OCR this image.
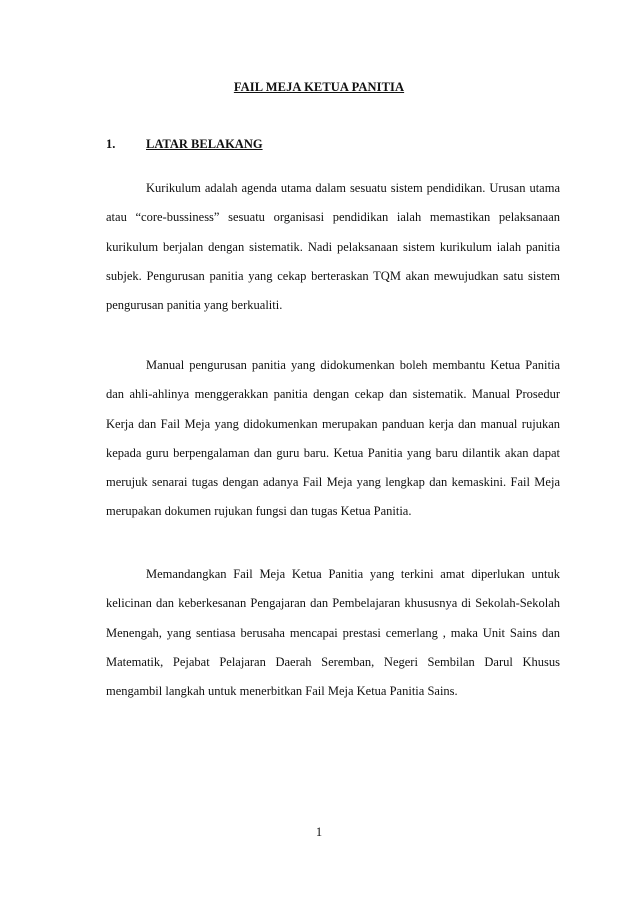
FAIL MEJA KETUA PANITIA
1. LATAR BELAKANG

Kurikulum adalah agenda utama dalam sesuatu sistem pendidikan. Urusan utama atau “core-bussiness” sesuatu organisasi pendidikan ialah memastikan pelaksanaan kurikulum berjalan dengan sistematik. Nadi pelaksanaan sistem kurikulum ialah panitia subjek. Pengurusan panitia yang cekap berteraskan TQM akan mewujudkan satu sistem pengurusan panitia yang berkualiti.

Manual pengurusan panitia yang didokumenkan boleh membantu Ketua Panitia dan ahli-ahlinya menggerakkan panitia dengan cekap dan sistematik. Manual Prosedur Kerja dan Fail Meja yang didokumenkan merupakan panduan kerja dan manual rujukan kepada guru berpengalaman dan guru baru. Ketua Panitia yang baru dilantik akan dapat merujuk senarai tugas dengan adanya Fail Meja yang lengkap dan kemaskini. Fail Meja merupakan dokumen rujukan fungsi dan tugas Ketua Panitia.

Memandangkan Fail Meja Ketua Panitia yang terkini amat diperlukan untuk kelicinan dan keberkesanan Pengajaran dan Pembelajaran khususnya di Sekolah-Sekolah Menengah, yang sentiasa berusaha mencapai prestasi cemerlang , maka Unit Sains dan Matematik, Pejabat Pelajaran Daerah Seremban, Negeri Sembilan Darul Khusus mengambil langkah untuk menerbitkan Fail Meja Ketua Panitia Sains.

1
